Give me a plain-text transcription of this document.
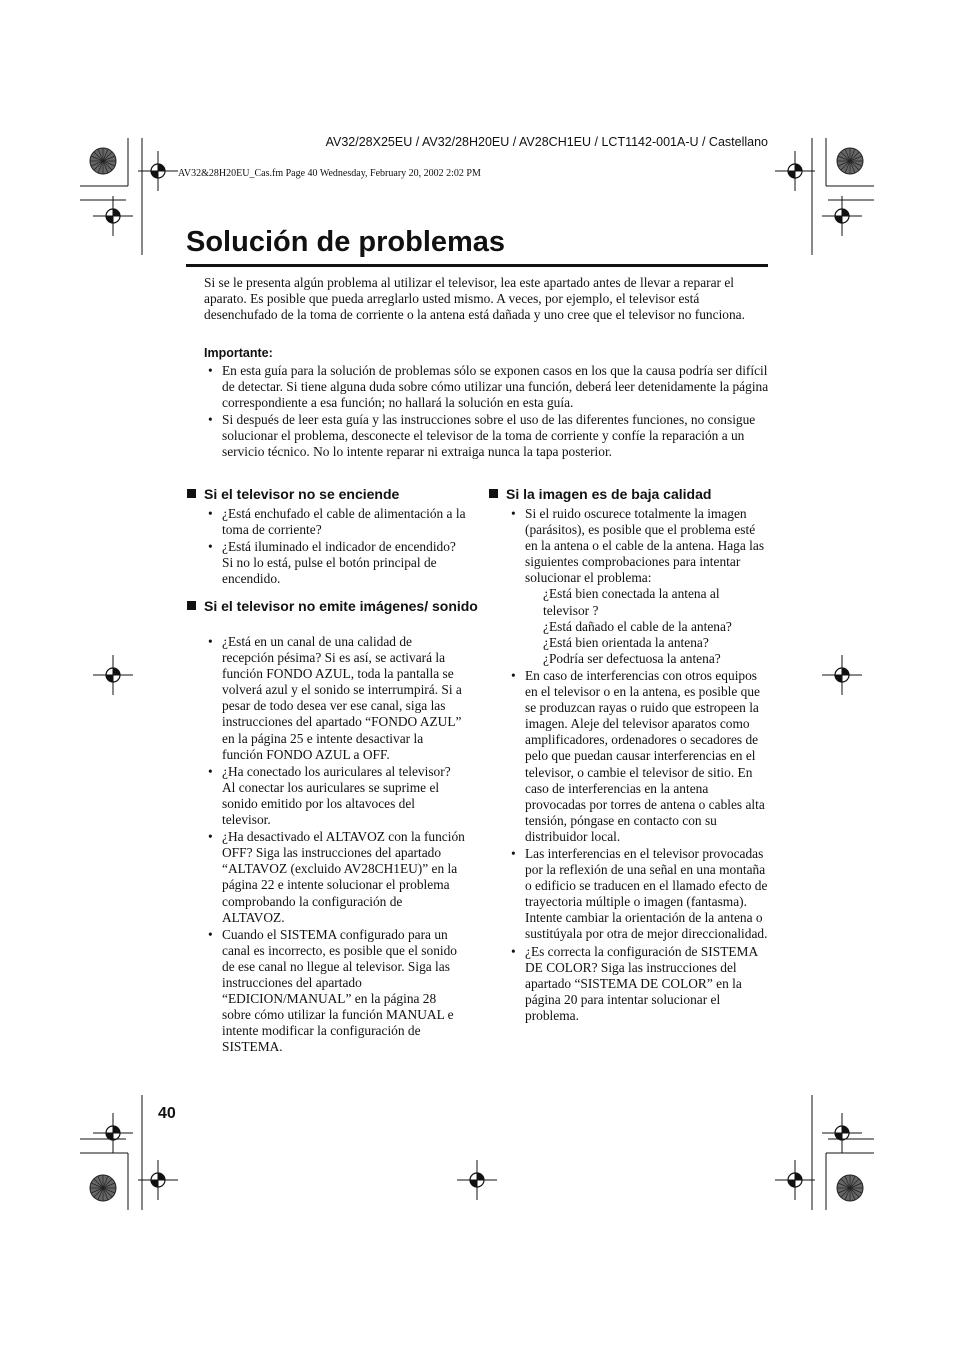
AV32/28X25EU / AV32/28H20EU / AV28CH1EU / LCT1142-001A-U / Castellano
AV32&28H20EU_Cas.fm Page 40 Wednesday, February 20, 2002 2:02 PM
Solución de problemas
Si se le presenta algún problema al utilizar el televisor, lea este apartado antes de llevar a reparar el aparato. Es posible que pueda arreglarlo usted mismo. A veces, por ejemplo, el televisor está desenchufado de la toma de corriente o la antena está dañada y uno cree que el televisor no funciona.
Importante:
• En esta guía para la solución de problemas sólo se exponen casos en los que la causa podría ser difícil de detectar. Si tiene alguna duda sobre cómo utilizar una función, deberá leer detenidamente la página correspondiente a esa función; no hallará la solución en esta guía.
• Si después de leer esta guía y las instrucciones sobre el uso de las diferentes funciones, no consigue solucionar el problema, desconecte el televisor de la toma de corriente y confíe la reparación a un servicio técnico. No lo intente reparar ni extraiga nunca la tapa posterior.
Si el televisor no se enciende
• ¿Está enchufado el cable de alimentación a la toma de corriente?
• ¿Está iluminado el indicador de encendido? Si no lo está, pulse el botón principal de encendido.
Si el televisor no emite imágenes/ sonido
• ¿Está en un canal de una calidad de recepción pésima? Si es así, se activará la función FONDO AZUL, toda la pantalla se volverá azul y el sonido se interrumpirá. Si a pesar de todo desea ver ese canal, siga las instrucciones del apartado “FONDO AZUL” en la página 25 e intente desactivar la función FONDO AZUL a OFF.
• ¿Ha conectado los auriculares al televisor? Al conectar los auriculares se suprime el sonido emitido por los altavoces del televisor.
• ¿Ha desactivado el ALTAVOZ con la función OFF? Siga las instrucciones del apartado “ALTAVOZ (excluido AV28CH1EU)” en la página 22 e intente solucionar el problema comprobando la configuración de ALTAVOZ.
• Cuando el SISTEMA configurado para un canal es incorrecto, es posible que el sonido de ese canal no llegue al televisor. Siga las instrucciones del apartado “EDICION/MANUAL” en la página 28 sobre cómo utilizar la función MANUAL e intente modificar la configuración de SISTEMA.
Si la imagen es de baja calidad
• Si el ruido oscurece totalmente la imagen (parásitos), es posible que el problema esté en la antena o el cable de la antena. Haga las siguientes comprobaciones para intentar solucionar el problema:
¿Está bien conectada la antena al televisor ?
¿Está dañado el cable de la antena?
¿Está bien orientada la antena?
¿Podría ser defectuosa la antena?
• En caso de interferencias con otros equipos en el televisor o en la antena, es posible que se produzcan rayas o ruido que estropeen la imagen. Aleje del televisor aparatos como amplificadores, ordenadores o secadores de pelo que puedan causar interferencias en el televisor, o cambie el televisor de sitio. En caso de interferencias en la antena provocadas por torres de antena o cables alta tensión, póngase en contacto con su distribuidor local.
• Las interferencias en el televisor provocadas por la reflexión de una señal en una montaña o edificio se traducen en el llamado efecto de trayectoria múltiple o imagen (fantasma). Intente cambiar la orientación de la antena o sustitúyala por otra de mejor direccionalidad.
• ¿Es correcta la configuración de SISTEMA DE COLOR? Siga las instrucciones del apartado “SISTEMA DE COLOR” en la página 20 para intentar solucionar el problema.
40
